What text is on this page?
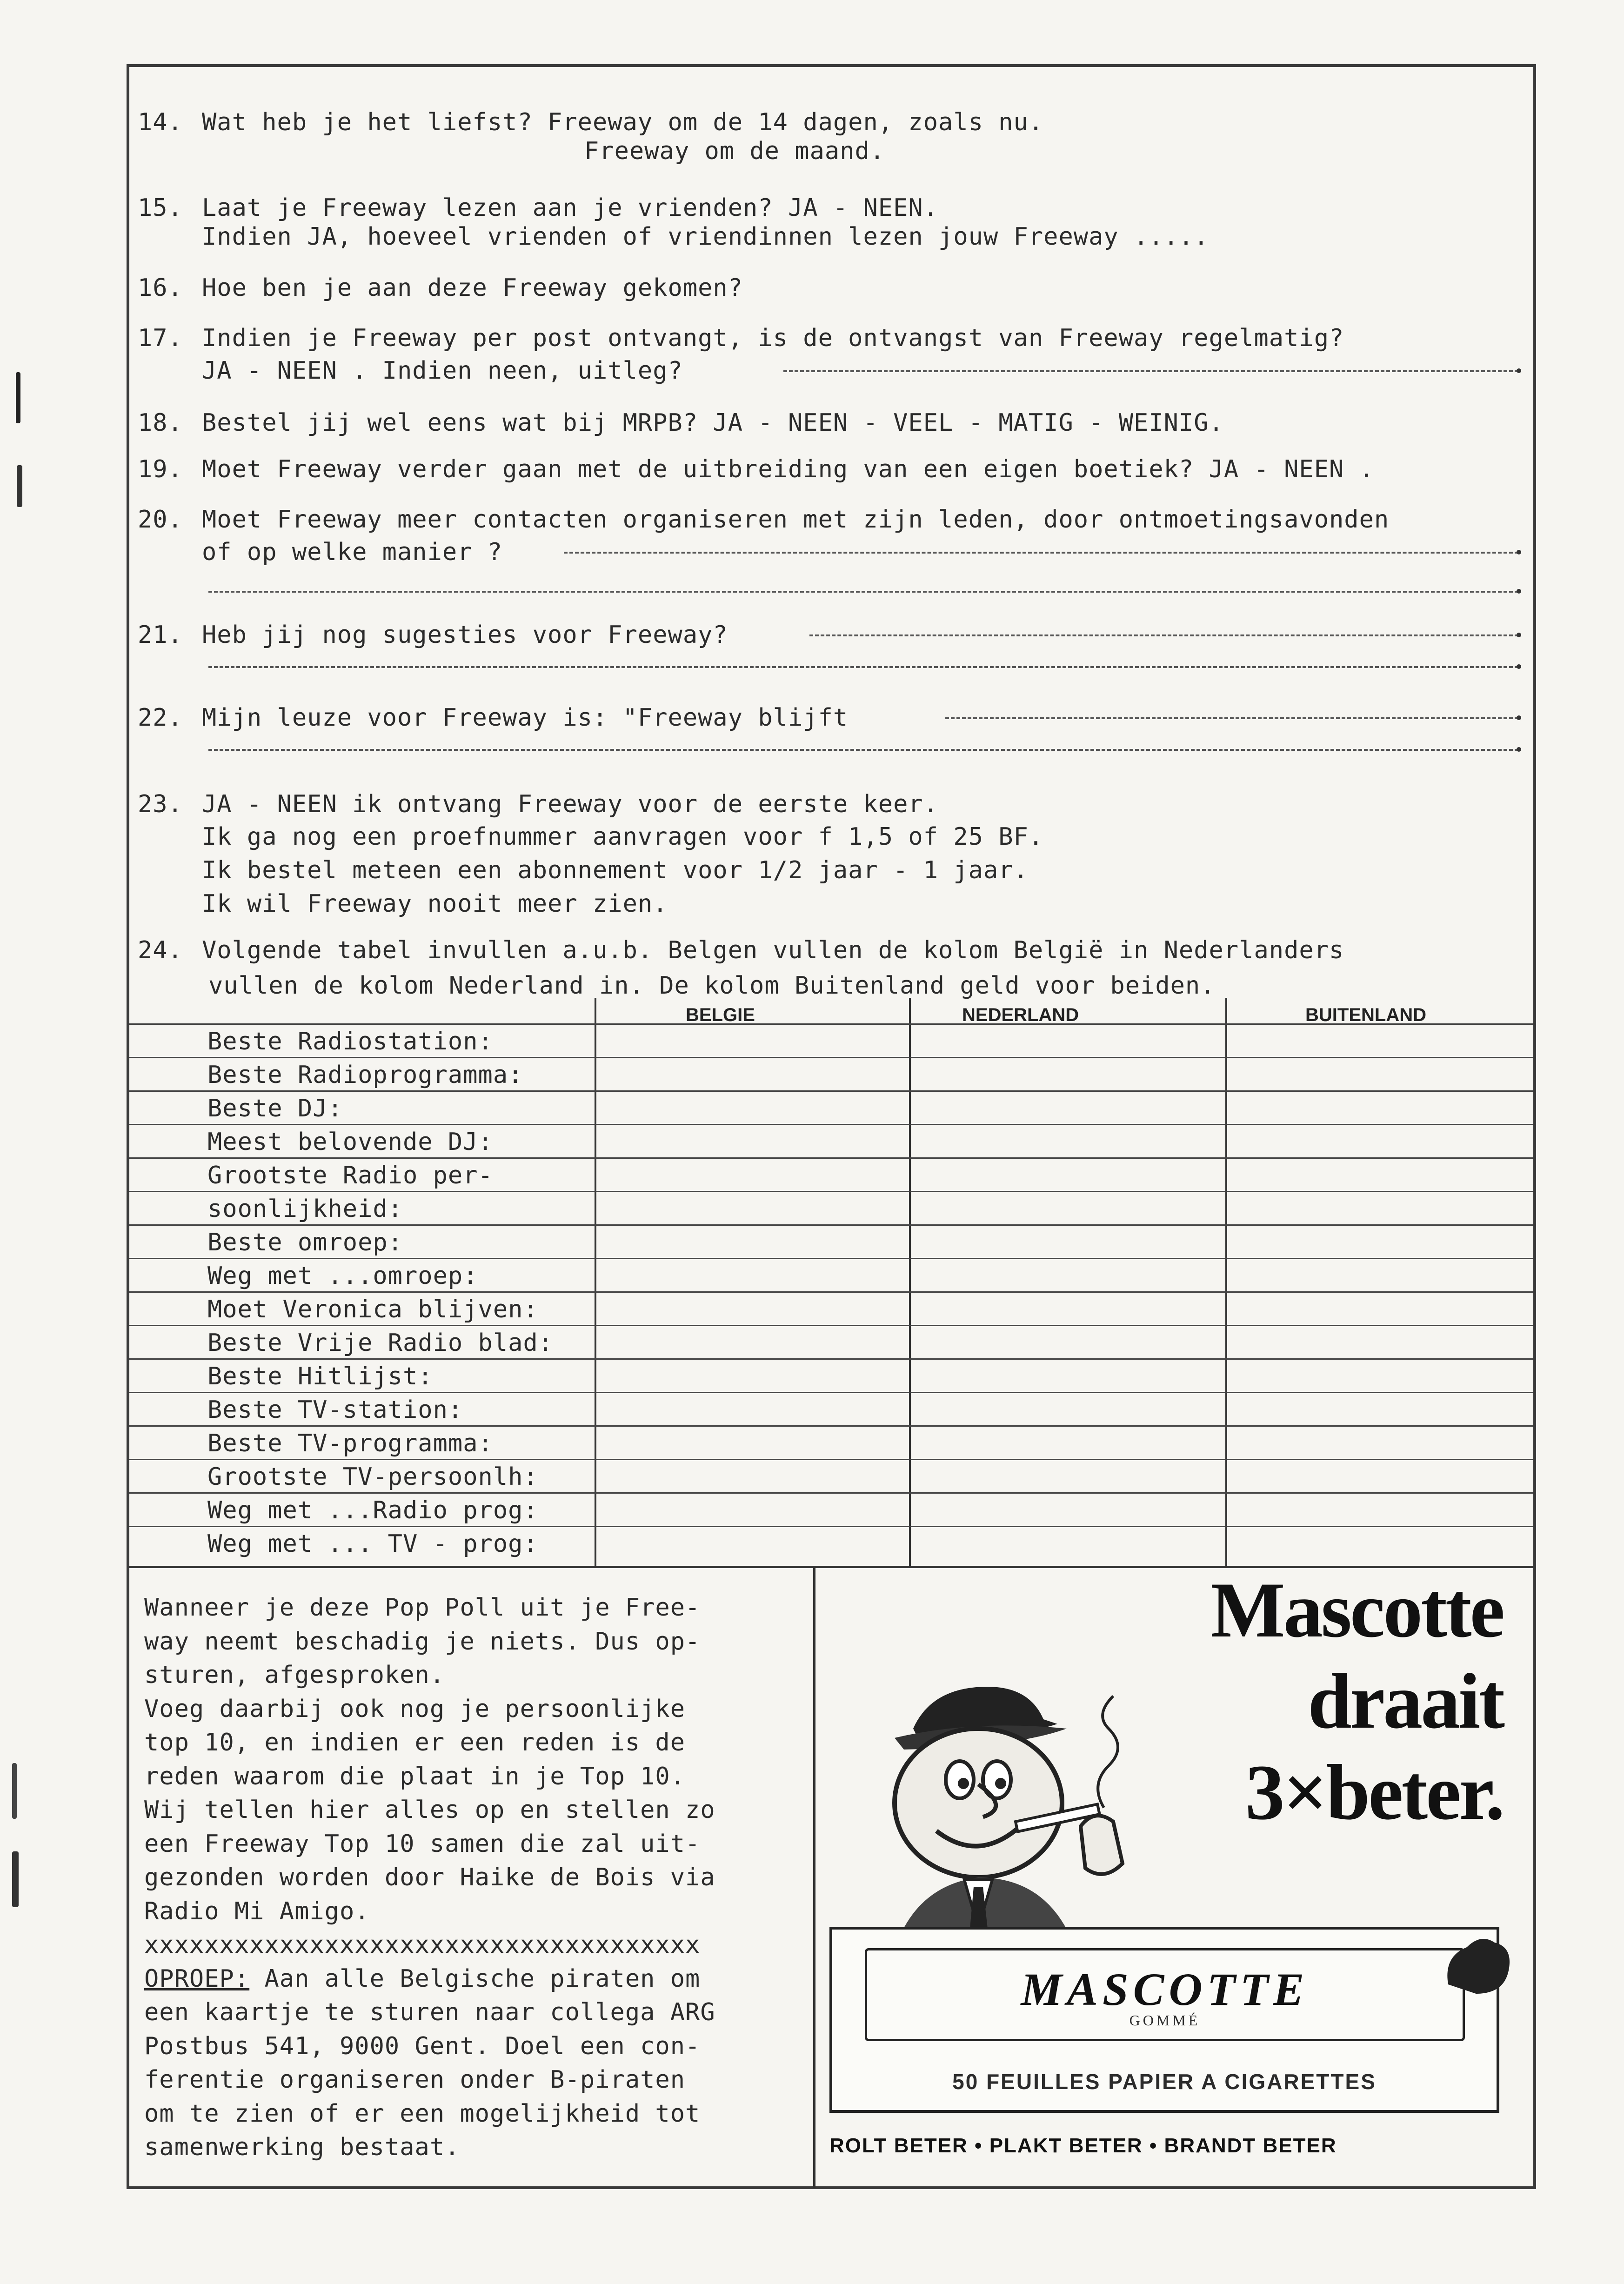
14. Wat heb je het liefst? Freeway om de 14 dagen, zoals nu.
Freeway om de maand.
15. Laat je Freeway lezen aan je vrienden? JA - NEEN.
Indien JA, hoeveel vrienden of vriendinnen lezen jouw Freeway .....
16. Hoe ben je aan deze Freeway gekomen?
17. Indien je Freeway per post ontvangt, is de ontvangst van Freeway regelmatig?
JA - NEEN . Indien neen, uitleg?
18. Bestel jij wel eens wat bij MRPB? JA - NEEN - VEEL - MATIG - WEINIG.
19. Moet Freeway verder gaan met de uitbreiding van een eigen boetiek? JA - NEEN .
20. Moet Freeway meer contacten organiseren met zijn leden, door ontmoetingsavonden
of op welke manier ?
21. Heb jij nog sugesties voor Freeway?
22. Mijn leuze voor Freeway is: "Freeway blijft
23. JA - NEEN ik ontvang Freeway voor de eerste keer.
Ik ga nog een proefnummer aanvragen voor f 1,5 of 25 BF.
Ik bestel meteen een abonnement voor 1/2 jaar - 1 jaar.
Ik wil Freeway nooit meer zien.
24. Volgende tabel invullen a.u.b. Belgen vullen de kolom België in Nederlanders
vullen de kolom Nederland in. De kolom Buitenland geld voor beiden.
BELGIE	NEDERLAND	BUITENLAND
Beste Radiostation:
Beste Radioprogramma:
Beste DJ:
Meest belovende DJ:
Grootste Radio per-
soonlijkheid:
Beste omroep:
Weg met ...omroep:
Moet Veronica blijven:
Beste Vrije Radio blad:
Beste Hitlijst:
Beste TV-station:
Beste TV-programma:
Grootste TV-persoonlh:
Weg met ...Radio prog:
Weg met ... TV - prog:
Wanneer je deze Pop Poll uit je Free-
way neemt beschadig je niets. Dus op-
sturen, afgesproken.
Voeg daarbij ook nog je persoonlijke
top 10, en indien er een reden is de
reden waarom die plaat in je Top 10.
Wij tellen hier alles op en stellen zo
een Freeway Top 10 samen die zal uit-
gezonden worden door Haike de Bois via
Radio Mi Amigo.
xxxxxxxxxxxxxxxxxxxxxxxxxxxxxxxxxxxxx
OPROEP: Aan alle Belgische piraten om
een kaartje te sturen naar collega ARG
Postbus 541, 9000 Gent. Doel een con-
ferentie organiseren onder B-piraten
om te zien of er een mogelijkheid tot
samenwerking bestaat.
Mascotte
draait
3×beter.
MASCOTTE
GOMMÉ
50 FEUILLES PAPIER A CIGARETTES
ROLT BETER • PLAKT BETER • BRANDT BETER
